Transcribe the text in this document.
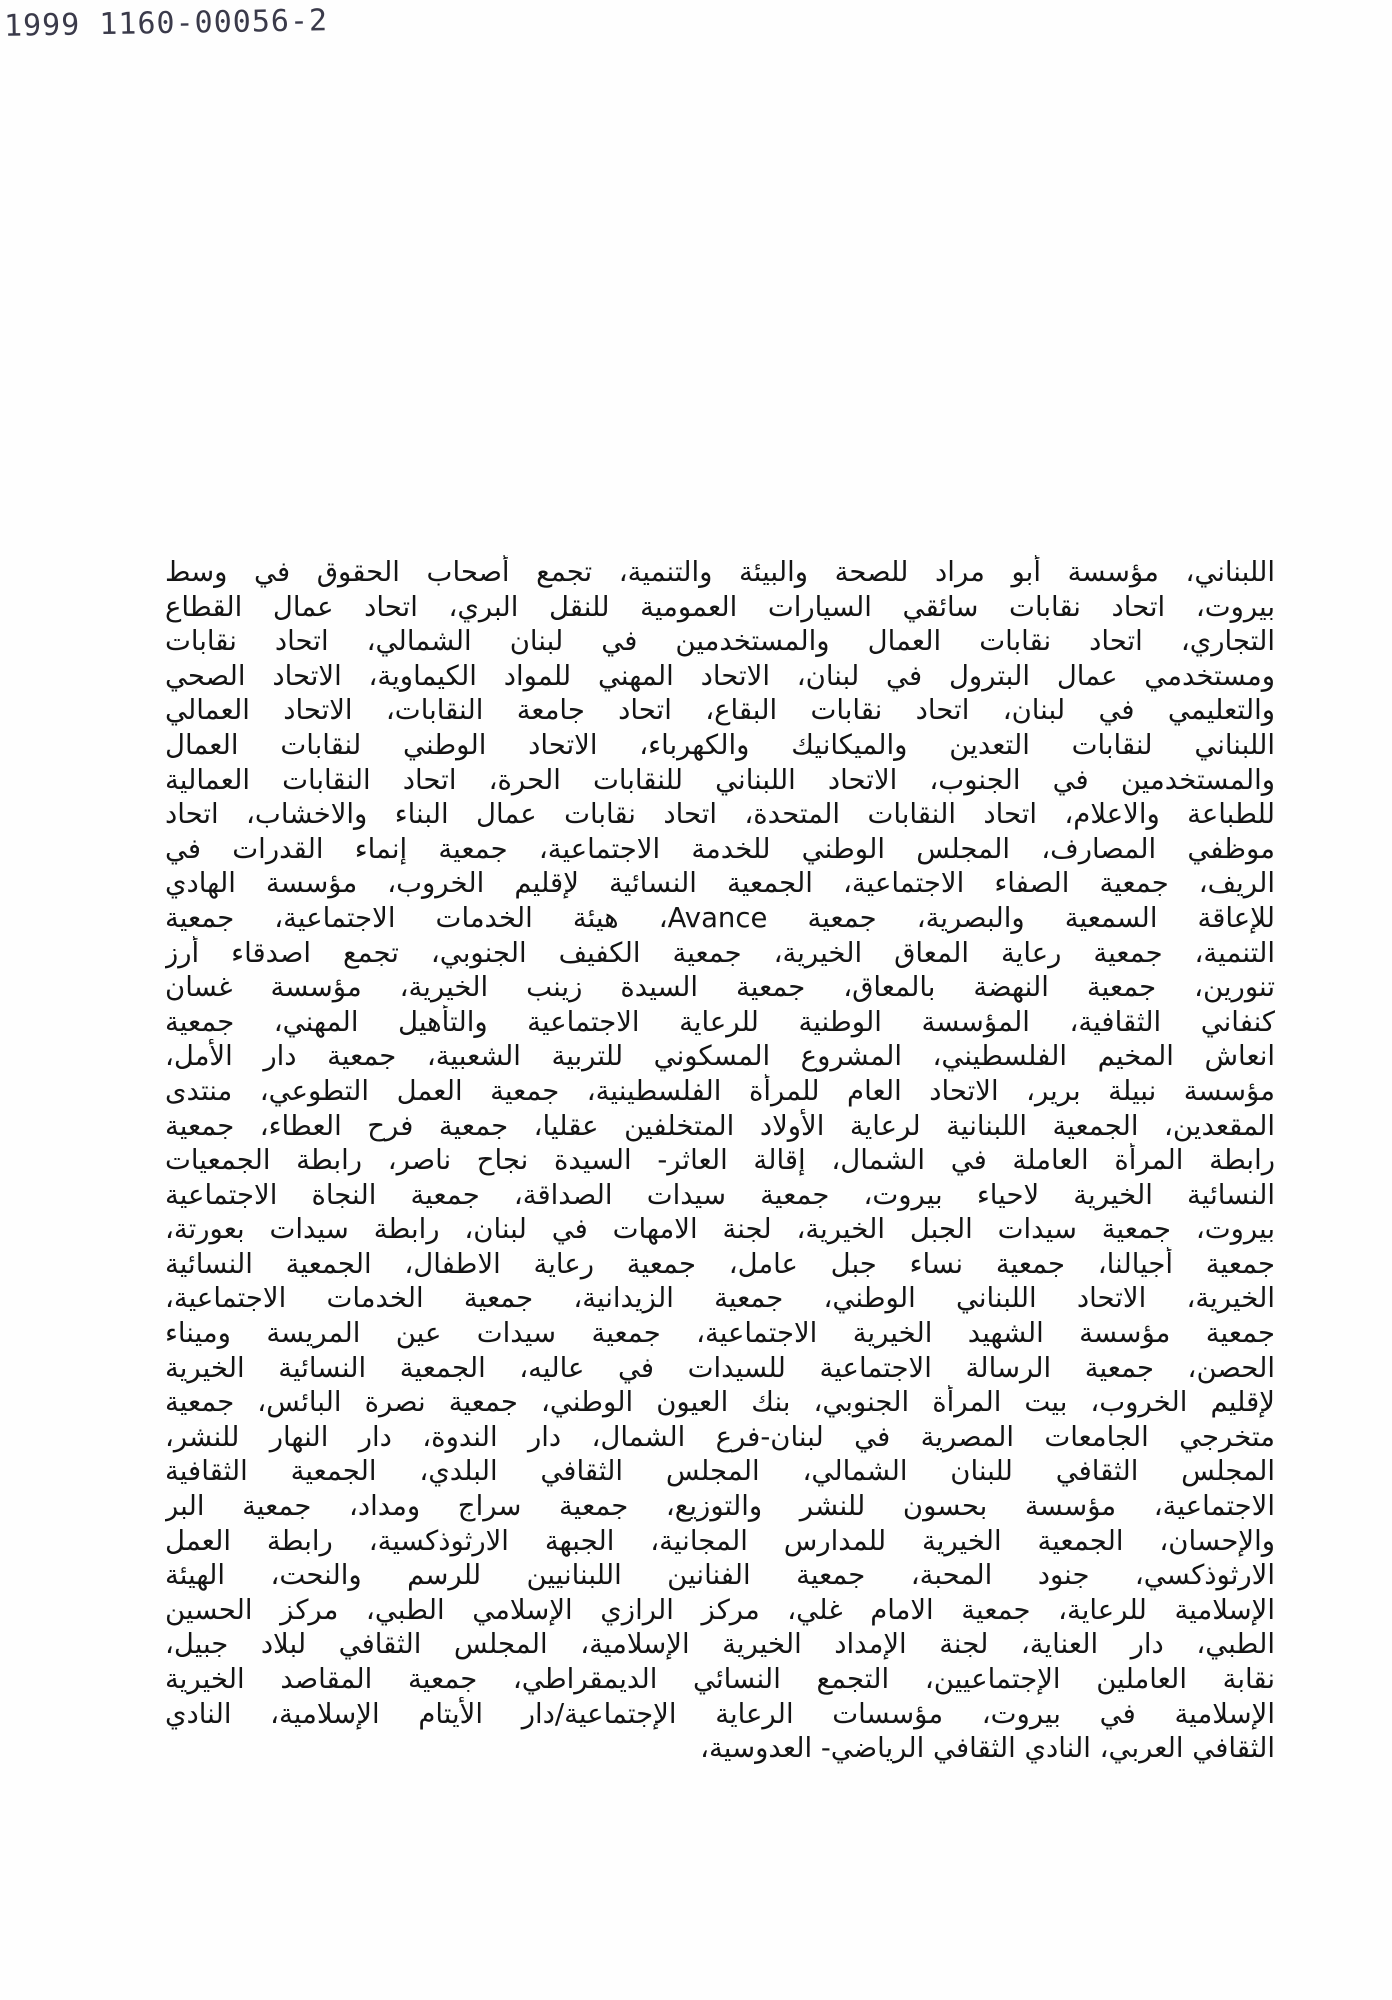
1999 1160-00056-2
اللبناني، مؤسسة أبو مراد للصحة والبيئة والتنمية، تجمع أصحاب الحقوق في وسط
بيروت، اتحاد نقابات سائقي السيارات العمومية للنقل البري، اتحاد عمال القطاع
التجاري، اتحاد نقابات العمال والمستخدمين في لبنان الشمالي، اتحاد نقابات
ومستخدمي عمال البترول في لبنان، الاتحاد المهني للمواد الكيماوية، الاتحاد الصحي
والتعليمي في لبنان، اتحاد نقابات البقاع، اتحاد جامعة النقابات، الاتحاد العمالي
اللبناني لنقابات التعدين والميكانيك والكهرباء، الاتحاد الوطني لنقابات العمال
والمستخدمين في الجنوب، الاتحاد اللبناني للنقابات الحرة، اتحاد النقابات العمالية
للطباعة والاعلام، اتحاد النقابات المتحدة، اتحاد نقابات عمال البناء والاخشاب، اتحاد
موظفي المصارف، المجلس الوطني للخدمة الاجتماعية، جمعية إنماء القدرات في
الريف، جمعية الصفاء الاجتماعية، الجمعية النسائية لإقليم الخروب، مؤسسة الهادي
للإعاقة السمعية والبصرية، جمعية Avance، هيئة الخدمات الاجتماعية، جمعية
التنمية، جمعية رعاية المعاق الخيرية، جمعية الكفيف الجنوبي، تجمع اصدقاء أرز
تنورين، جمعية النهضة بالمعاق، جمعية السيدة زينب الخيرية، مؤسسة غسان
كنفاني الثقافية، المؤسسة الوطنية للرعاية الاجتماعية والتأهيل المهني، جمعية
انعاش المخيم الفلسطيني، المشروع المسكوني للتربية الشعبية، جمعية دار الأمل،
مؤسسة نبيلة برير، الاتحاد العام للمرأة الفلسطينية، جمعية العمل التطوعي، منتدى
المقعدين، الجمعية اللبنانية لرعاية الأولاد المتخلفين عقليا، جمعية فرح العطاء، جمعية
رابطة المرأة العاملة في الشمال، إقالة العاثر- السيدة نجاح ناصر، رابطة الجمعيات
النسائية الخيرية لاحياء بيروت، جمعية سيدات الصداقة، جمعية النجاة الاجتماعية
بيروت، جمعية سيدات الجبل الخيرية، لجنة الامهات في لبنان، رابطة سيدات بعورتة،
جمعية أجيالنا، جمعية نساء جبل عامل، جمعية رعاية الاطفال، الجمعية النسائية
الخيرية، الاتحاد اللبناني الوطني، جمعية الزيدانية، جمعية الخدمات الاجتماعية،
جمعية مؤسسة الشهيد الخيرية الاجتماعية، جمعية سيدات عين المريسة وميناء
الحصن، جمعية الرسالة الاجتماعية للسيدات في عاليه، الجمعية النسائية الخيرية
لإقليم الخروب، بيت المرأة الجنوبي، بنك العيون الوطني، جمعية نصرة البائس، جمعية
متخرجي الجامعات المصرية في لبنان-فرع الشمال، دار الندوة، دار النهار للنشر،
المجلس الثقافي للبنان الشمالي، المجلس الثقافي البلدي، الجمعية الثقافية
الاجتماعية، مؤسسة بحسون للنشر والتوزيع، جمعية سراج ومداد، جمعية البر
والإحسان، الجمعية الخيرية للمدارس المجانية، الجبهة الارثوذكسية، رابطة العمل
الارثوذكسي، جنود المحبة، جمعية الفنانين اللبنانيين للرسم والنحت، الهيئة
الإسلامية للرعاية، جمعية الامام غلي، مركز الرازي الإسلامي الطبي، مركز الحسين
الطبي، دار العناية، لجنة الإمداد الخيرية الإسلامية، المجلس الثقافي لبلاد جبيل،
نقابة العاملين الإجتماعيين، التجمع النسائي الديمقراطي، جمعية المقاصد الخيرية
الإسلامية في بيروت، مؤسسات الرعاية الإجتماعية/دار الأيتام الإسلامية، النادي
الثقافي العربي، النادي الثقافي الرياضي- العدوسية،
